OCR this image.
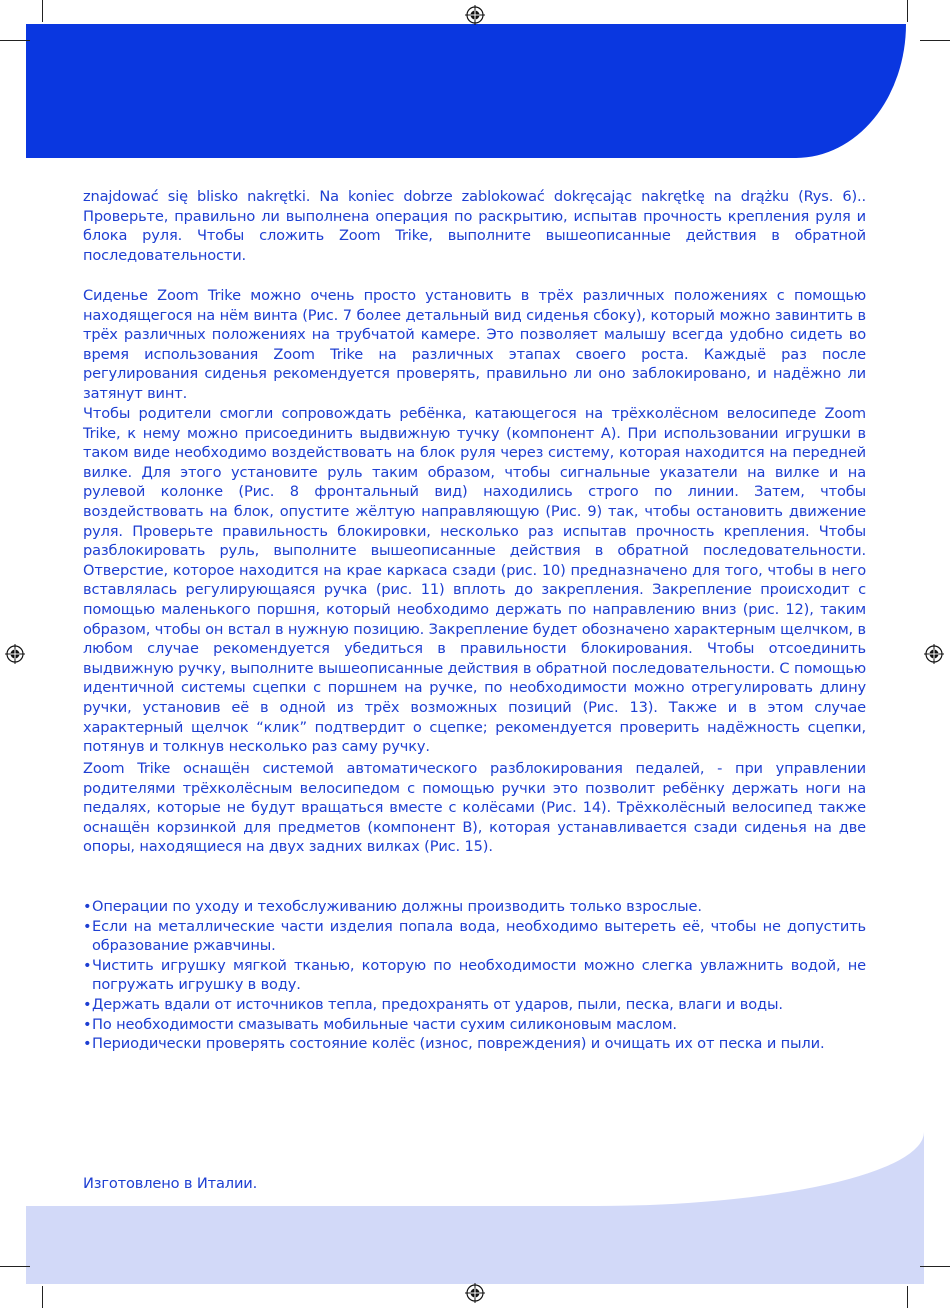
znajdować się blisko nakrętki. Na koniec dobrze zablokować dokręcając nakrętkę na drążku (Rys. 6).. Проверьте, правильно ли выполнена операция по раскрытию, испытав прочность крепления руля и блока руля. Чтобы сложить Zoom Trike, выполните вышеописанные действия в обратной последовательности.

Сиденье Zoom Trike можно очень просто установить в трёх различных положениях с помощью находящегося на нём винта (Рис. 7 более детальный вид сиденья сбоку), который можно завинтить в трёх различных положениях на трубчатой камере. Это позволяет малышу всегда удобно сидеть во время использования Zoom Trike на различных этапах своего роста. Каждыё раз после регулирования сиденья рекомендуется проверять, правильно ли оно заблокировано, и надёжно ли затянут винт.

Чтобы родители смогли сопровождать ребёнка, катающегося на трёхколёсном велосипеде Zoom Trike, к нему можно присоединить выдвижную тучку (компонент А). При использовании игрушки в таком виде необходимо воздействовать на блок руля через систему, которая находится на передней вилке. Для этого установите руль таким образом, чтобы сигнальные указатели на вилке и на рулевой колонке (Рис. 8 фронтальный вид) находились строго по линии. Затем, чтобы воздействовать на блок, опустите жёлтую направляющую (Рис. 9) так, чтобы остановить движение руля. Проверьте правильность блокировки, несколько раз испытав прочность крепления. Чтобы разблокировать руль, выполните вышеописанные действия в обратной последовательности. Отверстие, которое находится на крае каркаса сзади (рис. 10) предназначено для того, чтобы в него вставлялась регулирующаяся ручка (рис. 11) вплоть до закрепления. Закрепление происходит с помощью маленького поршня, который необходимо держать по направлению вниз (рис. 12), таким образом, чтобы он встал в нужную позицию. Закрепление будет обозначено характерным щелчком, в любом случае рекомендуется убедиться в правильности блокирования. Чтобы отсоединить выдвижную ручку, выполните вышеописанные действия в обратной последовательности. С помощью идентичной системы сцепки с поршнем на ручке, по необходимости можно отрегулировать длину ручки, установив её в одной из трёх возможных позиций (Рис. 13). Также и в этом случае характерный щелчок “клик” подтвердит о сцепке; рекомендуется проверить надёжность сцепки, потянув и толкнув несколько раз саму ручку.

Zoom Trike оснащён системой автоматического разблокирования педалей, - при управлении родителями трёхколёсным велосипедом с помощью ручки это позволит ребёнку держать ноги на педалях, которые не будут вращаться вместе с колёсами (Рис. 14). Трёхколёсный велосипед также оснащён корзинкой для предметов (компонент B), которая устанавливается сзади сиденья на две опоры, находящиеся на двух задних вилках (Рис. 15).

• Операции по уходу и техобслуживанию должны производить только взрослые.
• Если на металлические части изделия попала вода, необходимо вытереть её, чтобы не допустить образование ржавчины.
• Чистить игрушку мягкой тканью, которую по необходимости можно слегка увлажнить водой, не погружать игрушку в воду.
• Держать вдали от источников тепла, предохранять от ударов, пыли, песка, влаги и воды.
• По необходимости смазывать мобильные части сухим силиконовым маслом.
• Периодически проверять состояние колёс (износ, повреждения) и очищать их от песка и пыли.

Изготовлено в Италии.
